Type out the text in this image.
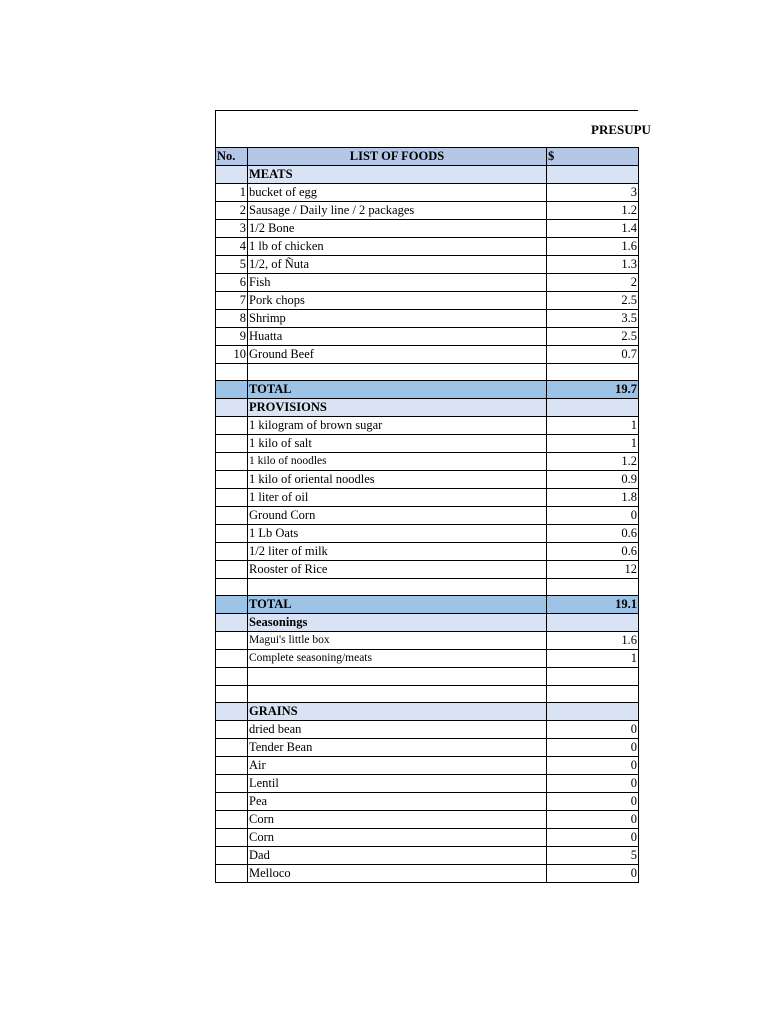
PRESUPU
No.	LIST OF FOODS	$
	MEATS	
1	bucket of egg	3
2	Sausage / Daily line / 2 packages	1.2
3	1/2 Bone	1.4
4	1 lb of chicken	1.6
5	1/2, of Ñuta	1.3
6	Fish	2
7	Pork chops	2.5
8	Shrimp	3.5
9	Huatta	2.5
10	Ground Beef	0.7

	TOTAL	19.7
	PROVISIONS	
	1 kilogram of brown sugar	1
	1 kilo of salt	1
	1 kilo of noodles	1.2
	1 kilo of oriental noodles	0.9
	1 liter of oil	1.8
	Ground Corn	0
	1 Lb Oats	0.6
	1/2 liter of milk	0.6
	Rooster of Rice	12

	TOTAL	19.1
	Seasonings	
	Magui's little box	1.6
	Complete seasoning/meats	1

	GRAINS	
	dried bean	0
	Tender Bean	0
	Air	0
	Lentil	0
	Pea	0
	Corn	0
	Corn	0
	Dad	5
	Melloco	0
